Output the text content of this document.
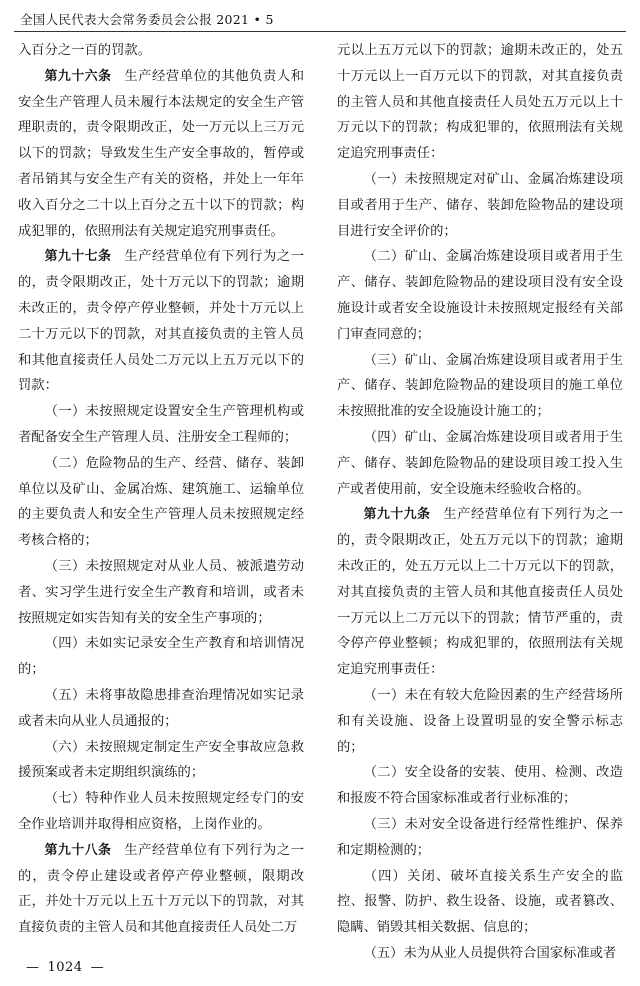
全国人民代表大会常务委员会公报 2021 • 5

入百分之一百的罚款。

第九十六条 生产经营单位的其他负责人和安全生产管理人员未履行本法规定的安全生产管理职责的，责令限期改正，处一万元以上三万元以下的罚款；导致发生生产安全事故的，暂停或者吊销其与安全生产有关的资格，并处上一年年收入百分之二十以上百分之五十以下的罚款；构成犯罪的，依照刑法有关规定追究刑事责任。

第九十七条 生产经营单位有下列行为之一的，责令限期改正，处十万元以下的罚款；逾期未改正的，责令停产停业整顿，并处十万元以上二十万元以下的罚款，对其直接负责的主管人员和其他直接责任人员处二万元以上五万元以下的罚款：

（一）未按照规定设置安全生产管理机构或者配备安全生产管理人员、注册安全工程师的；

（二）危险物品的生产、经营、储存、装卸单位以及矿山、金属冶炼、建筑施工、运输单位的主要负责人和安全生产管理人员未按照规定经考核合格的；

（三）未按照规定对从业人员、被派遣劳动者、实习学生进行安全生产教育和培训，或者未按照规定如实告知有关的安全生产事项的；

（四）未如实记录安全生产教育和培训情况的；

（五）未将事故隐患排查治理情况如实记录或者未向从业人员通报的；

（六）未按照规定制定生产安全事故应急救援预案或者未定期组织演练的；

（七）特种作业人员未按照规定经专门的安全作业培训并取得相应资格，上岗作业的。

第九十八条 生产经营单位有下列行为之一的，责令停止建设或者停产停业整顿，限期改正，并处十万元以上五十万元以下的罚款，对其直接负责的主管人员和其他直接责任人员处二万

元以上五万元以下的罚款；逾期未改正的，处五十万元以上一百万元以下的罚款，对其直接负责的主管人员和其他直接责任人员处五万元以上十万元以下的罚款；构成犯罪的，依照刑法有关规定追究刑事责任：

（一）未按照规定对矿山、金属冶炼建设项目或者用于生产、储存、装卸危险物品的建设项目进行安全评价的；

（二）矿山、金属冶炼建设项目或者用于生产、储存、装卸危险物品的建设项目没有安全设施设计或者安全设施设计未按照规定报经有关部门审查同意的；

（三）矿山、金属冶炼建设项目或者用于生产、储存、装卸危险物品的建设项目的施工单位未按照批准的安全设施设计施工的；

（四）矿山、金属冶炼建设项目或者用于生产、储存、装卸危险物品的建设项目竣工投入生产或者使用前，安全设施未经验收合格的。

第九十九条 生产经营单位有下列行为之一的，责令限期改正，处五万元以下的罚款；逾期未改正的，处五万元以上二十万元以下的罚款，对其直接负责的主管人员和其他直接责任人员处一万元以上二万元以下的罚款；情节严重的，责令停产停业整顿；构成犯罪的，依照刑法有关规定追究刑事责任：

（一）未在有较大危险因素的生产经营场所和有关设施、设备上设置明显的安全警示标志的；

（二）安全设备的安装、使用、检测、改造和报废不符合国家标准或者行业标准的；

（三）未对安全设备进行经常性维护、保养和定期检测的；

（四）关闭、破坏直接关系生产安全的监控、报警、防护、救生设备、设施，或者篡改、隐瞒、销毁其相关数据、信息的；

（五）未为从业人员提供符合国家标准或者

— 1024 —
